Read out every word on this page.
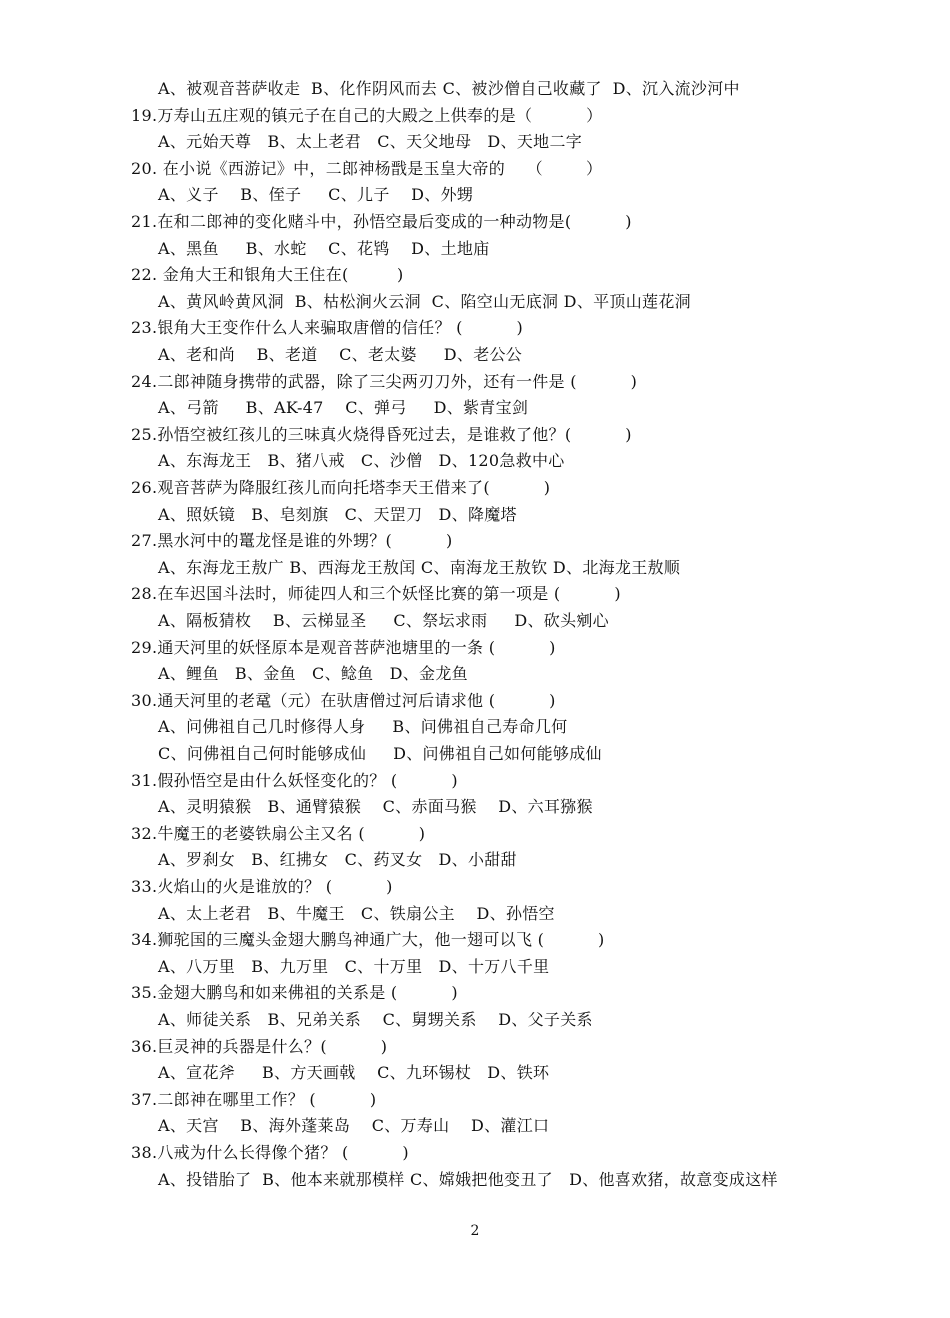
A、被观音菩萨收走  B、化作阴风而去 C、被沙僧自己收藏了  D、沉入流沙河中
19.万寿山五庄观的镇元子在自己的大殿之上供奉的是（          ）
A、元始天尊   B、太上老君   C、天父地母   D、天地二字
20. 在小说《西游记》中，二郎神杨戬是玉皇大帝的    （        ）
A、义子    B、侄子     C、儿子    D、外甥
21.在和二郎神的变化赌斗中，孙悟空最后变成的一种动物是(          )
A、黑鱼     B、水蛇    C、花鸨    D、土地庙
22. 金角大王和银角大王住在(         )
A、黄风岭黄风洞  B、枯松涧火云洞  C、陷空山无底洞 D、平顶山莲花洞
23.银角大王变作什么人来骗取唐僧的信任？ (          )
A、老和尚    B、老道    C、老太婆     D、老公公
24.二郎神随身携带的武器，除了三尖两刃刀外，还有一件是 (          )
A、弓箭     B、AK-47    C、弹弓     D、紫青宝剑
25.孙悟空被红孩儿的三味真火烧得昏死过去，是谁救了他？(          )
A、东海龙王   B、猪八戒   C、沙僧   D、120急救中心
26.观音菩萨为降服红孩儿而向托塔李天王借来了(          )
A、照妖镜   B、皂刻旗   C、天罡刀   D、降魔塔
27.黑水河中的鼍龙怪是谁的外甥？(          )
A、东海龙王敖广 B、西海龙王敖闰 C、南海龙王敖钦 D、北海龙王敖顺
28.在车迟国斗法时，师徒四人和三个妖怪比赛的第一项是 (          )
A、隔板猜枚    B、云梯显圣     C、祭坛求雨     D、砍头剜心
29.通天河里的妖怪原本是观音菩萨池塘里的一条 (          )
A、鲤鱼   B、金鱼   C、鲶鱼   D、金龙鱼
30.通天河里的老鼋（元）在驮唐僧过河后请求他 (          )
A、问佛祖自己几时修得人身     B、问佛祖自己寿命几何
C、问佛祖自己何时能够成仙     D、问佛祖自己如何能够成仙
31.假孙悟空是由什么妖怪变化的？ (          )
A、灵明猿猴   B、通臂猿猴    C、赤面马猴    D、六耳猕猴
32.牛魔王的老婆铁扇公主又名 (          )
A、罗刹女   B、红拂女   C、药叉女   D、小甜甜
33.火焰山的火是谁放的？ (          )
A、太上老君   B、牛魔王   C、铁扇公主    D、孙悟空
34.狮驼国的三魔头金翅大鹏鸟神通广大，他一翅可以飞 (          )
A、八万里   B、九万里   C、十万里   D、十万八千里
35.金翅大鹏鸟和如来佛祖的关系是 (          )
A、师徒关系   B、兄弟关系    C、舅甥关系    D、父子关系
36.巨灵神的兵器是什么？(          )
A、宣花斧     B、方天画戟    C、九环锡杖   D、铁环
37.二郎神在哪里工作？ (          )
A、天宫    B、海外蓬莱岛    C、万寿山    D、灌江口
38.八戒为什么长得像个猪？ (          )
A、投错胎了  B、他本来就那模样 C、嫦娥把他变丑了   D、他喜欢猪，故意变成这样
2
